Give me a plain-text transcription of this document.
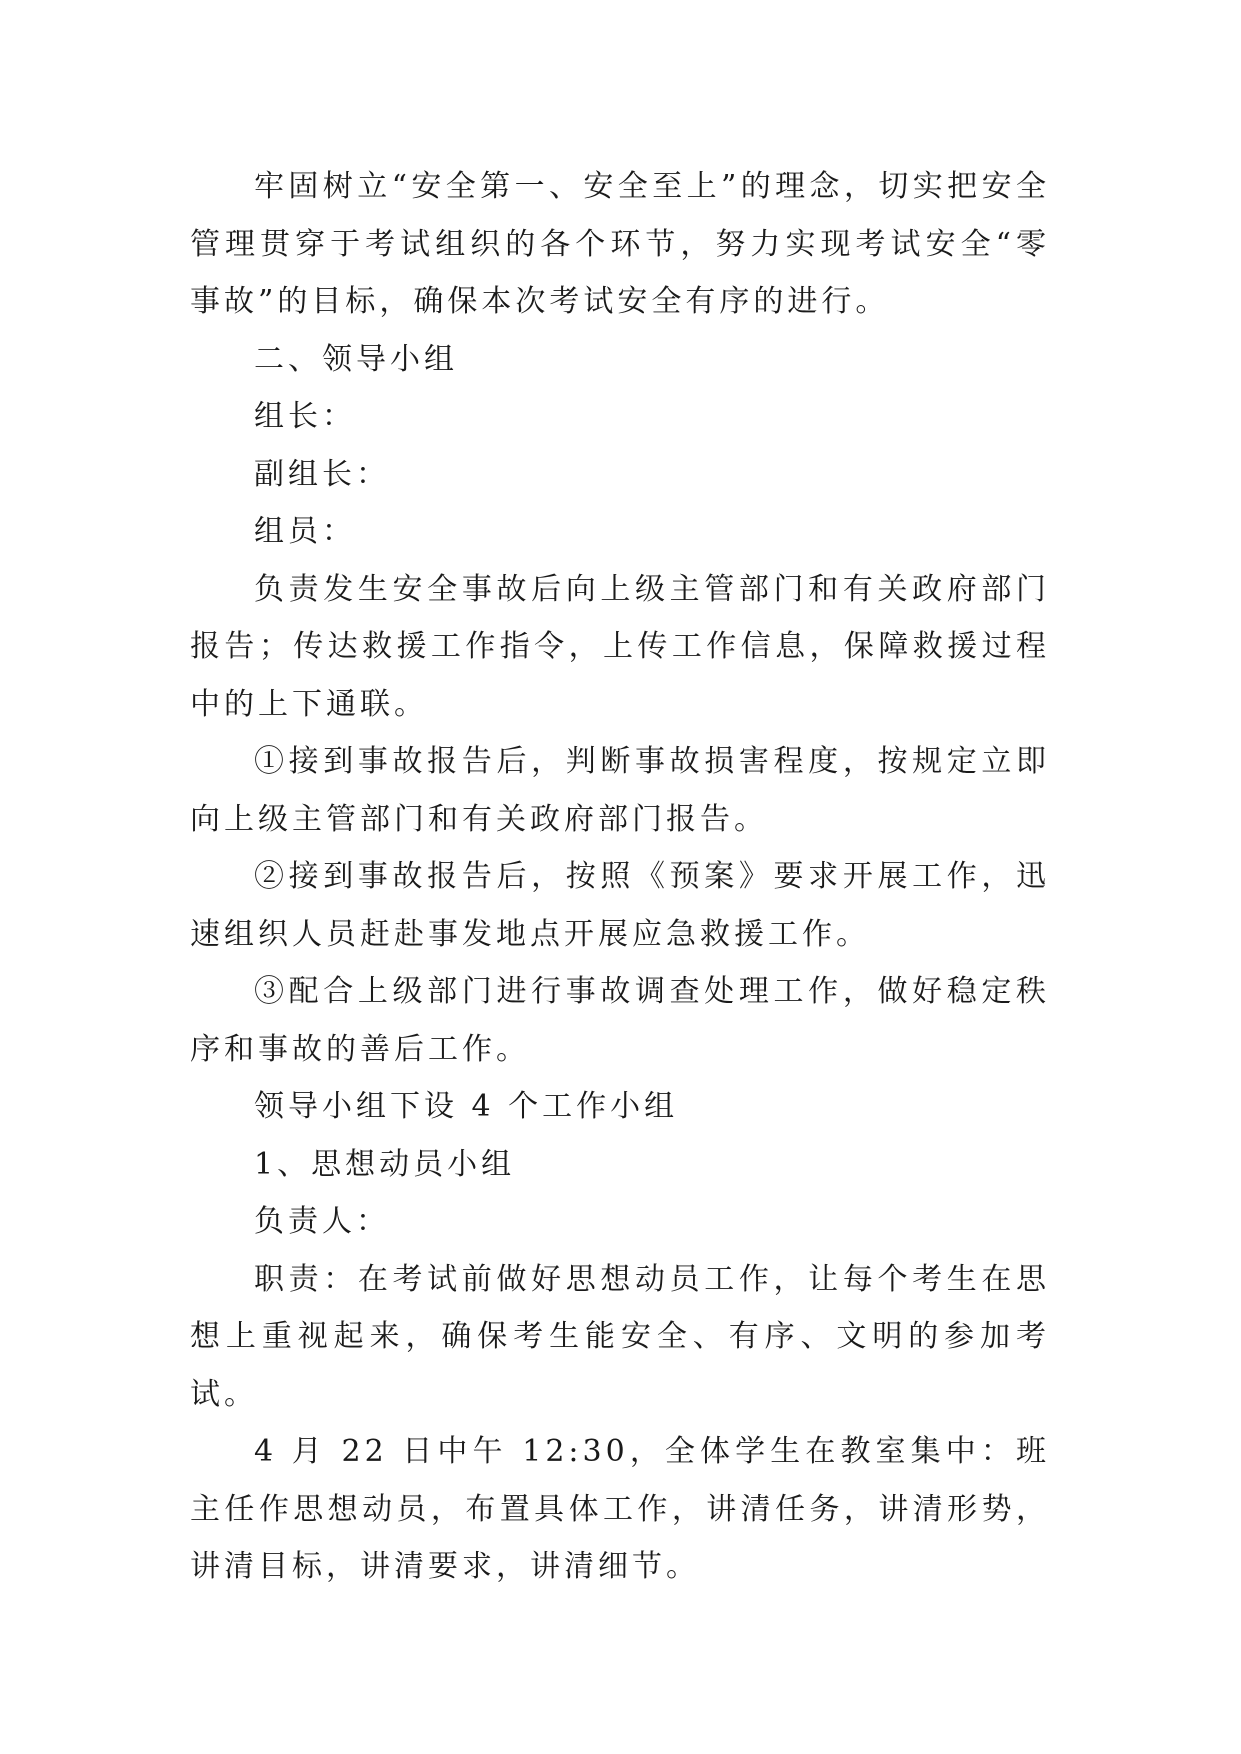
牢固树立“安全第一、安全至上”的理念，切实把安全管理贯穿于考试组织的各个环节，努力实现考试安全“零事故”的目标，确保本次考试安全有序的进行。

二、领导小组

组长：

副组长：

组员：

负责发生安全事故后向上级主管部门和有关政府部门报告；传达救援工作指令，上传工作信息，保障救援过程中的上下通联。

①接到事故报告后，判断事故损害程度，按规定立即向上级主管部门和有关政府部门报告。

②接到事故报告后，按照《预案》要求开展工作，迅速组织人员赶赴事发地点开展应急救援工作。

③配合上级部门进行事故调查处理工作，做好稳定秩序和事故的善后工作。

领导小组下设 4 个工作小组

1、思想动员小组

负责人：

职责：在考试前做好思想动员工作，让每个考生在思想上重视起来，确保考生能安全、有序、文明的参加考试。

4 月 22 日中午 12:30，全体学生在教室集中：班主任作思想动员，布置具体工作，讲清任务，讲清形势，讲清目标，讲清要求，讲清细节。
